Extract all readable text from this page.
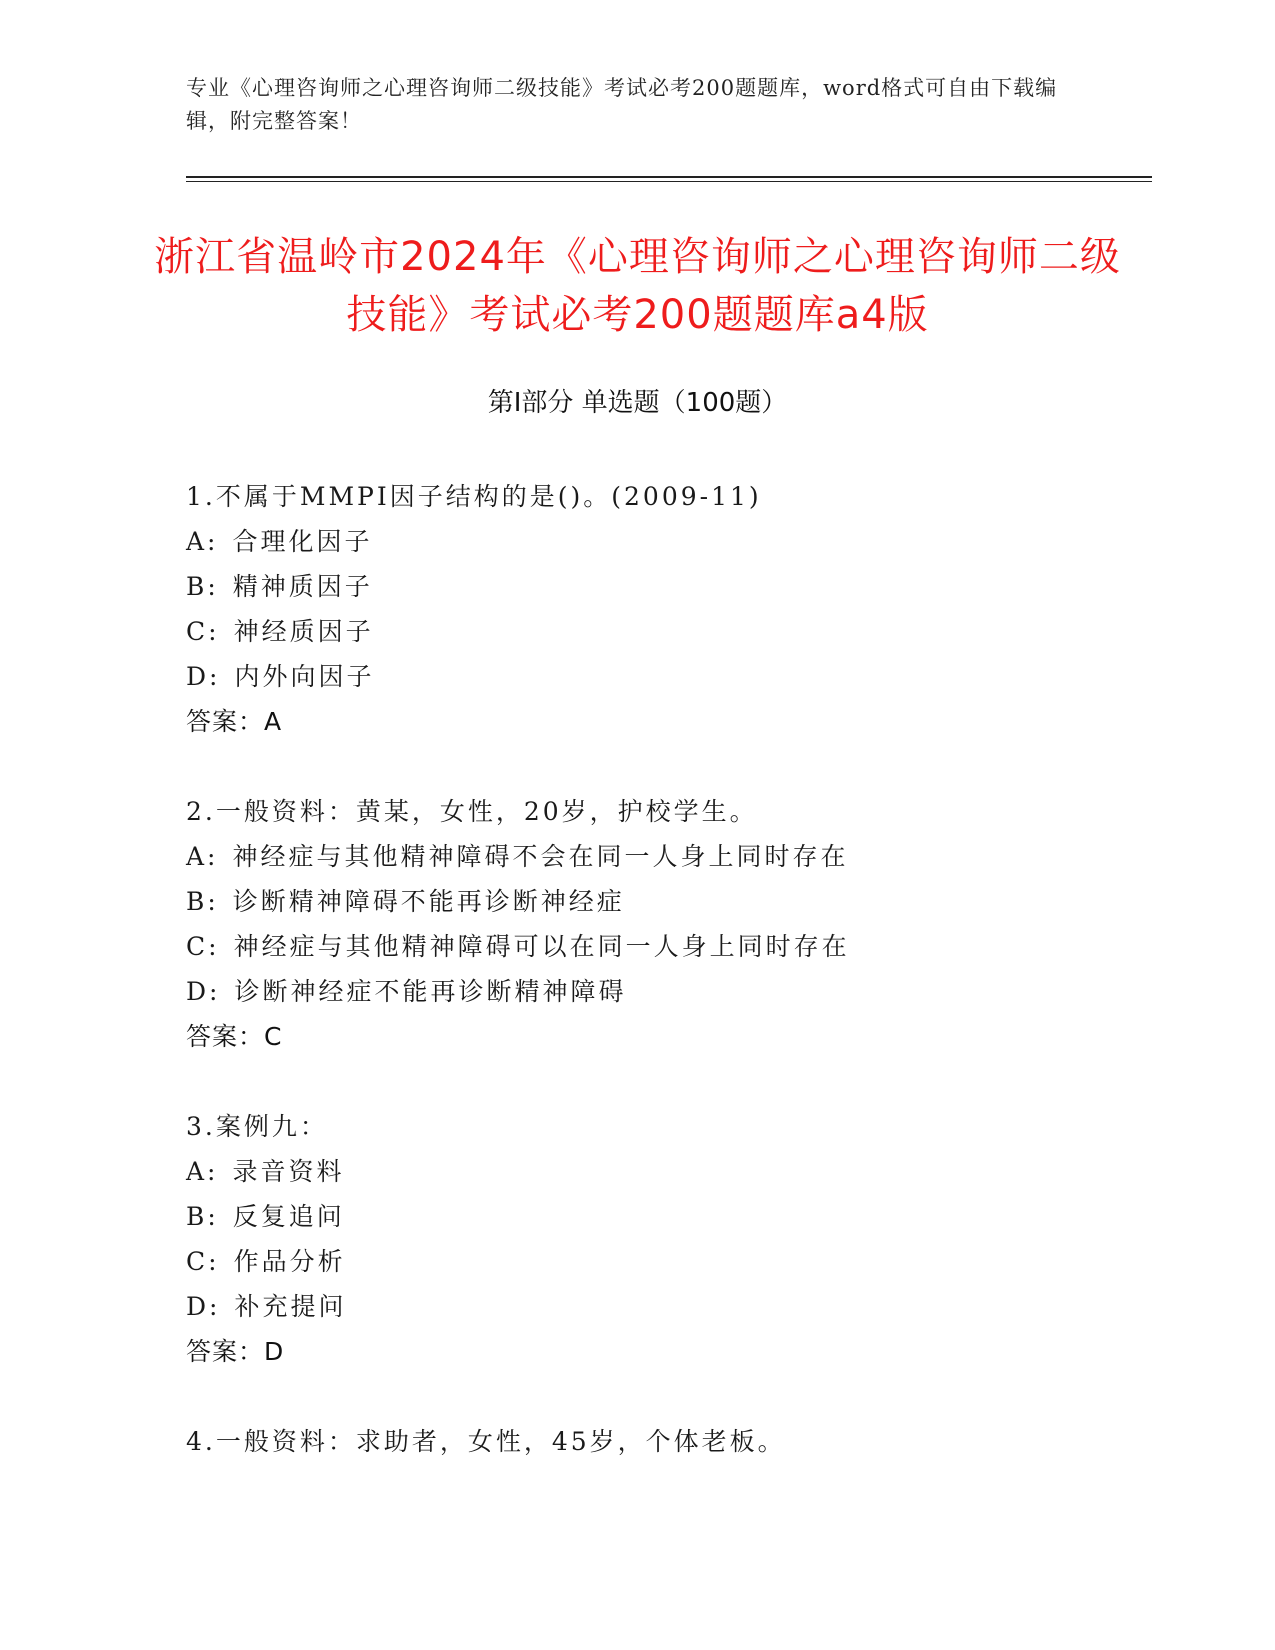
专业《心理咨询师之心理咨询师二级技能》考试必考200题题库，word格式可自由下载编辑，附完整答案！
浙江省温岭市2024年《心理咨询师之心理咨询师二级技能》考试必考200题题库a4版
第I部分 单选题（100题）
1.不属于MMPI因子结构的是()。(2009-11)
A: 合理化因子
B: 精神质因子
C: 神经质因子
D: 内外向因子
答案：A
2.一般资料：黄某，女性，20岁，护校学生。
A: 神经症与其他精神障碍不会在同一人身上同时存在
B: 诊断精神障碍不能再诊断神经症
C: 神经症与其他精神障碍可以在同一人身上同时存在
D: 诊断神经症不能再诊断精神障碍
答案：C
3.案例九：
A: 录音资料
B: 反复追问
C: 作品分析
D: 补充提问
答案：D
4.一般资料：求助者，女性，45岁，个体老板。
